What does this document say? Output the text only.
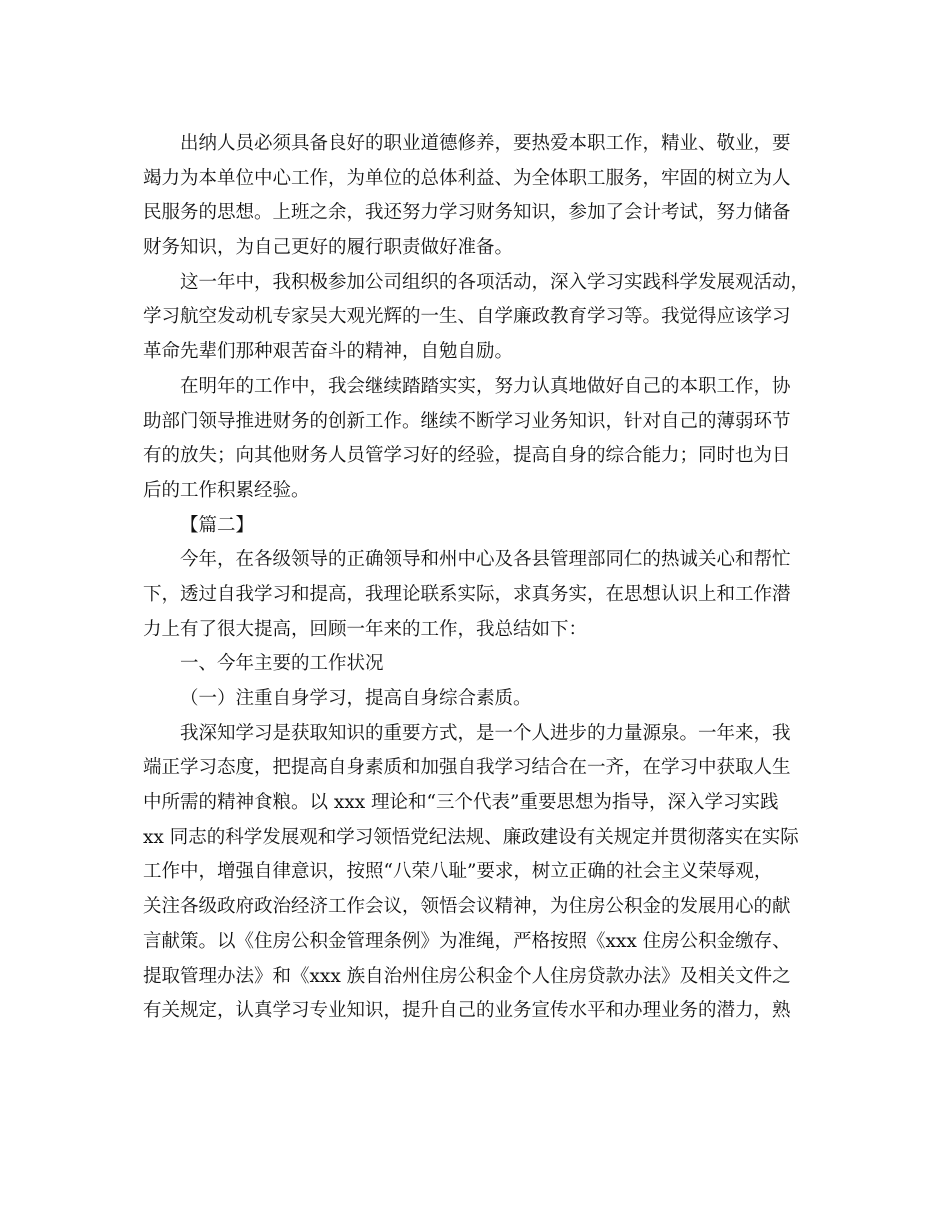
出纳人员必须具备良好的职业道德修养，要热爱本职工作，精业、敬业，要
竭力为本单位中心工作，为单位的总体利益、为全体职工服务，牢固的树立为人
民服务的思想。上班之余，我还努力学习财务知识，参加了会计考试，努力储备
财务知识，为自己更好的履行职责做好准备。
这一年中，我积极参加公司组织的各项活动，深入学习实践科学发展观活动，
学习航空发动机专家吴大观光辉的一生、自学廉政教育学习等。我觉得应该学习
革命先辈们那种艰苦奋斗的精神，自勉自励。
在明年的工作中，我会继续踏踏实实，努力认真地做好自己的本职工作，协
助部门领导推进财务的创新工作。继续不断学习业务知识，针对自己的薄弱环节
有的放失；向其他财务人员管学习好的经验，提高自身的综合能力；同时也为日
后的工作积累经验。
【篇二】
今年，在各级领导的正确领导和州中心及各县管理部同仁的热诚关心和帮忙
下，透过自我学习和提高，我理论联系实际，求真务实，在思想认识上和工作潜
力上有了很大提高，回顾一年来的工作，我总结如下：
一、今年主要的工作状况
（一）注重自身学习，提高自身综合素质。
我深知学习是获取知识的重要方式，是一个人进步的力量源泉。一年来，我
端正学习态度，把提高自身素质和加强自我学习结合在一齐，在学习中获取人生
中所需的精神食粮。以 xxx 理论和“三个代表”重要思想为指导，深入学习实践
xx 同志的科学发展观和学习领悟党纪法规、廉政建设有关规定并贯彻落实在实际
工作中，增强自律意识，按照“八荣八耻”要求，树立正确的社会主义荣辱观，
关注各级政府政治经济工作会议，领悟会议精神，为住房公积金的发展用心的献
言献策。以《住房公积金管理条例》为准绳，严格按照《xxx 住房公积金缴存、
提取管理办法》和《xxx 族自治州住房公积金个人住房贷款办法》及相关文件之
有关规定，认真学习专业知识，提升自己的业务宣传水平和办理业务的潜力，熟
